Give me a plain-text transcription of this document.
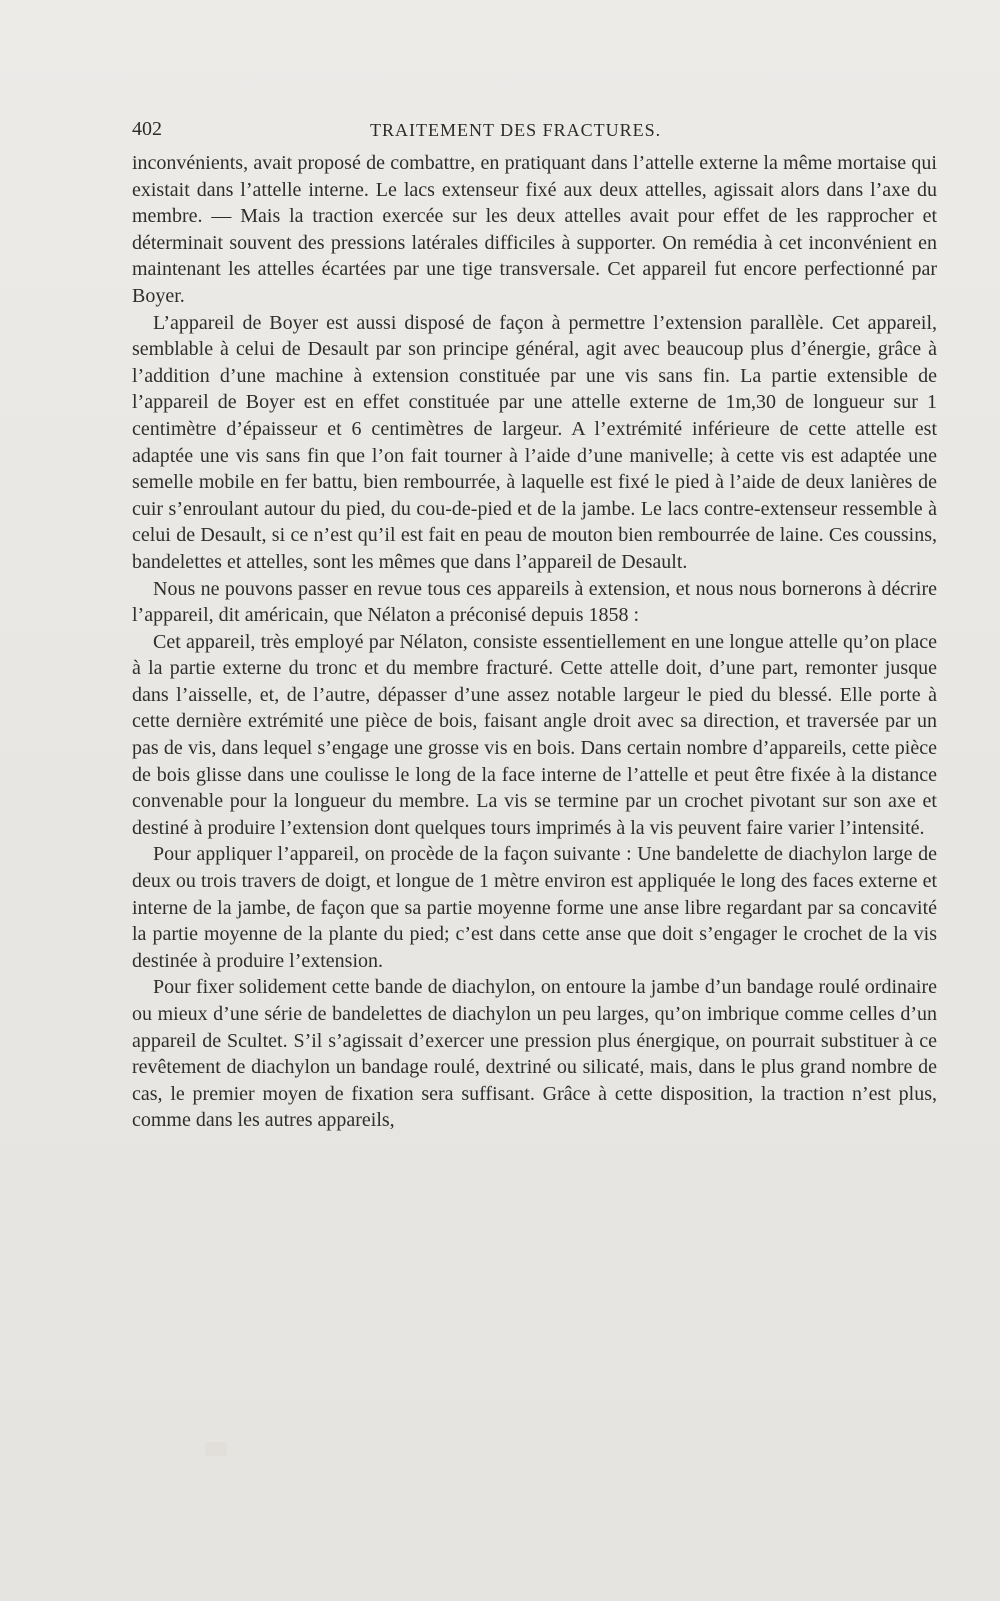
402	TRAITEMENT DES FRACTURES.

inconvénients, avait proposé de combattre, en pratiquant dans l’attelle externe la même mortaise qui existait dans l’attelle interne. Le lacs extenseur fixé aux deux attelles, agissait alors dans l’axe du membre. — Mais la traction exercée sur les deux attelles avait pour effet de les rapprocher et déterminait souvent des pressions latérales difficiles à supporter. On remédia à cet inconvénient en maintenant les attelles écartées par une tige transversale. Cet appareil fut encore perfectionné par Boyer.

L’appareil de Boyer est aussi disposé de façon à permettre l’extension parallèle. Cet appareil, semblable à celui de Desault par son principe général, agit avec beaucoup plus d’énergie, grâce à l’addition d’une machine à extension constituée par une vis sans fin. La partie extensible de l’appareil de Boyer est en effet constituée par une attelle externe de 1m,30 de longueur sur 1 centimètre d’épaisseur et 6 centimètres de largeur. A l’extrémité inférieure de cette attelle est adaptée une vis sans fin que l’on fait tourner à l’aide d’une manivelle; à cette vis est adaptée une semelle mobile en fer battu, bien rembourrée, à laquelle est fixé le pied à l’aide de deux lanières de cuir s’enroulant autour du pied, du cou-de-pied et de la jambe. Le lacs contre-extenseur ressemble à celui de Desault, si ce n’est qu’il est fait en peau de mouton bien rembourrée de laine. Ces coussins, bandelettes et attelles, sont les mêmes que dans l’appareil de Desault.

Nous ne pouvons passer en revue tous ces appareils à extension, et nous nous bornerons à décrire l’appareil, dit américain, que Nélaton a préconisé depuis 1858 :

Cet appareil, très employé par Nélaton, consiste essentiellement en une longue attelle qu’on place à la partie externe du tronc et du membre fracturé. Cette attelle doit, d’une part, remonter jusque dans l’aisselle, et, de l’autre, dépasser d’une assez notable largeur le pied du blessé. Elle porte à cette dernière extrémité une pièce de bois, faisant angle droit avec sa direction, et traversée par un pas de vis, dans lequel s’engage une grosse vis en bois. Dans certain nombre d’appareils, cette pièce de bois glisse dans une coulisse le long de la face interne de l’attelle et peut être fixée à la distance convenable pour la longueur du membre. La vis se termine par un crochet pivotant sur son axe et destiné à produire l’extension dont quelques tours imprimés à la vis peuvent faire varier l’intensité.

Pour appliquer l’appareil, on procède de la façon suivante : Une bandelette de diachylon large de deux ou trois travers de doigt, et longue de 1 mètre environ est appliquée le long des faces externe et interne de la jambe, de façon que sa partie moyenne forme une anse libre regardant par sa concavité la partie moyenne de la plante du pied; c’est dans cette anse que doit s’engager le crochet de la vis destinée à produire l’extension.

Pour fixer solidement cette bande de diachylon, on entoure la jambe d’un bandage roulé ordinaire ou mieux d’une série de bandelettes de diachylon un peu larges, qu’on imbrique comme celles d’un appareil de Scultet. S’il s’agissait d’exercer une pression plus énergique, on pourrait substituer à ce revêtement de diachylon un bandage roulé, dextriné ou silicaté, mais, dans le plus grand nombre de cas, le premier moyen de fixation sera suffisant. Grâce à cette disposition, la traction n’est plus, comme dans les autres appareils,
